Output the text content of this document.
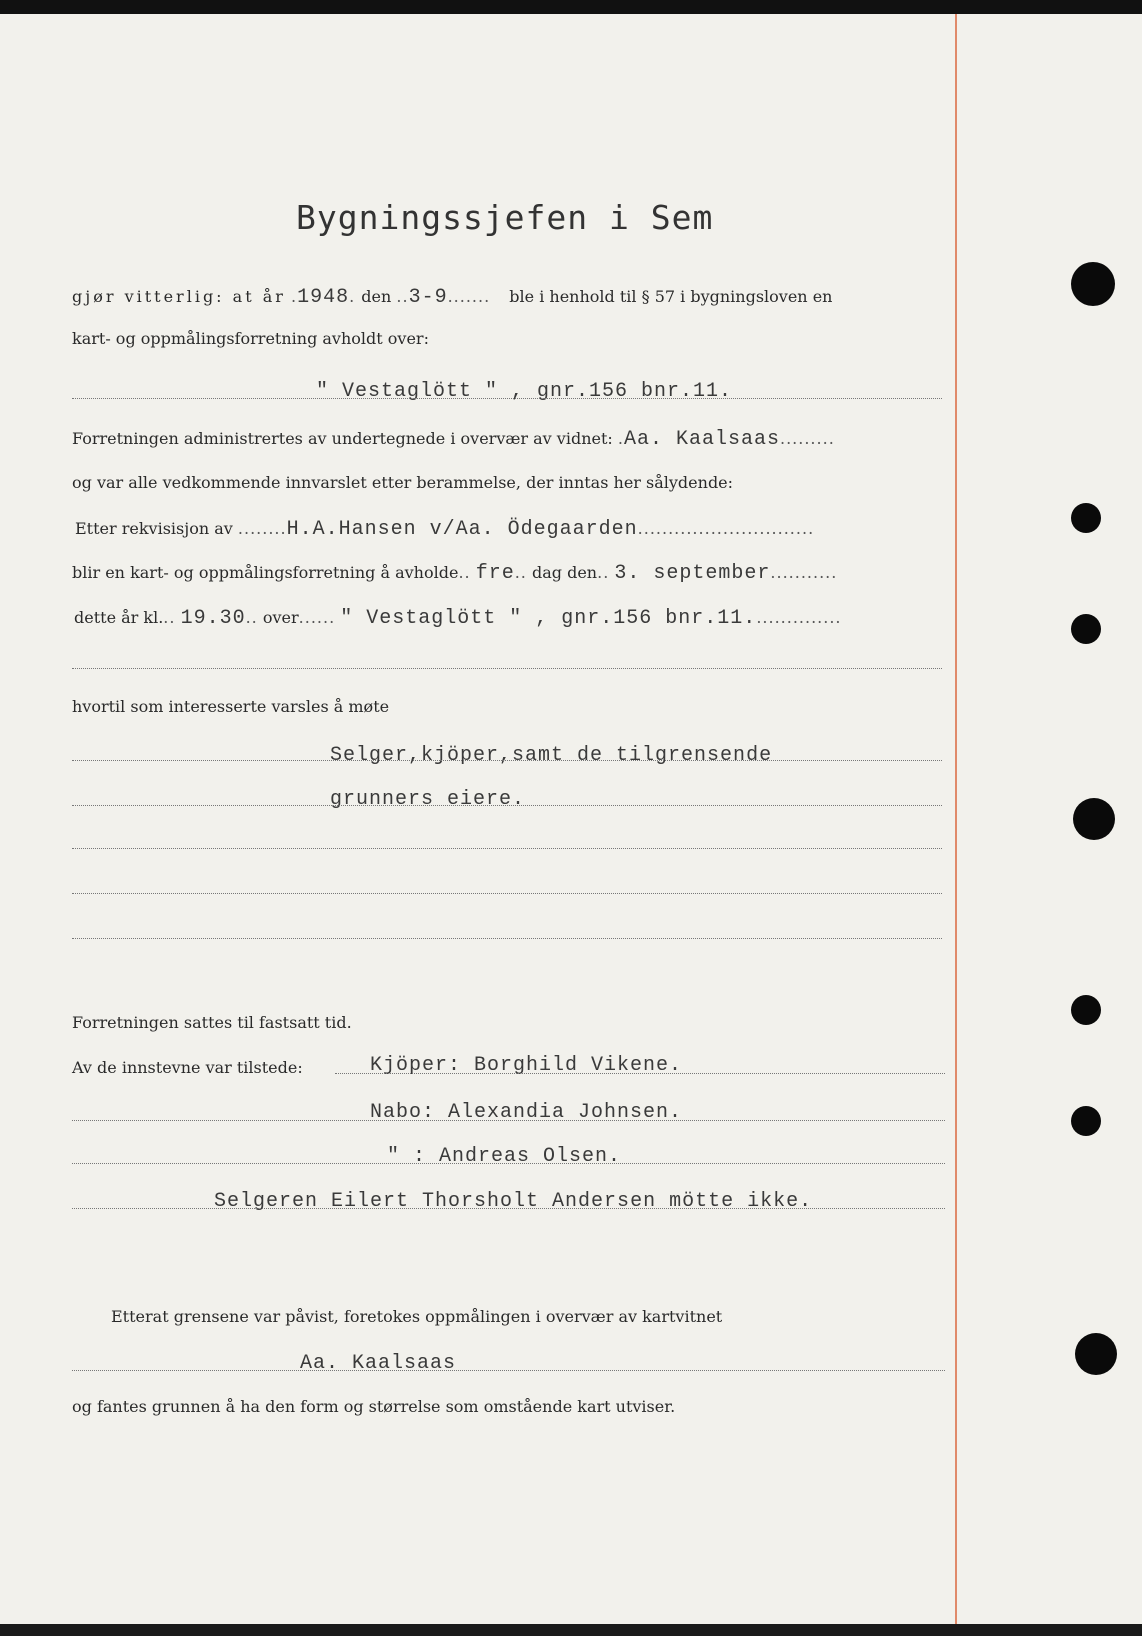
Bygningssjefen i Sem
gjør vitterlig: at år .1948. den ..3-9....... ble i henhold til § 57 i bygningsloven en
kart- og oppmålingsforretning avholdt over:
" Vestaglött " , gnr.156 bnr.11.
Forretningen administrertes av undertegnede i overvær av vidnet: .Aa. Kaalsaas.........
og var alle vedkommende innvarslet etter berammelse, der inntas her sålydende:
Etter rekvisisjon av ........H.A.Hansen v/Aa. Ödegaarden.............................
blir en kart- og oppmålingsforretning å avholde.. fre.. dag den.. 3. september...........
dette år kl... 19.30.. over...... " Vestaglött " , gnr.156 bnr.11...............
hvortil som interesserte varsles å møte
Selger,kjöper,samt de tilgrensende
grunners eiere.
Forretningen sattes til fastsatt tid.
Av de innstevne var tilstede:	Kjöper: Borghild Vikene.
Nabo: Alexandia Johnsen.
" : Andreas Olsen.
Selgeren Eilert Thorsholt Andersen mötte ikke.
Etterat grensene var påvist, foretokes oppmålingen i overvær av kartvitnet
Aa. Kaalsaas
og fantes grunnen å ha den form og størrelse som omstående kart utviser.
